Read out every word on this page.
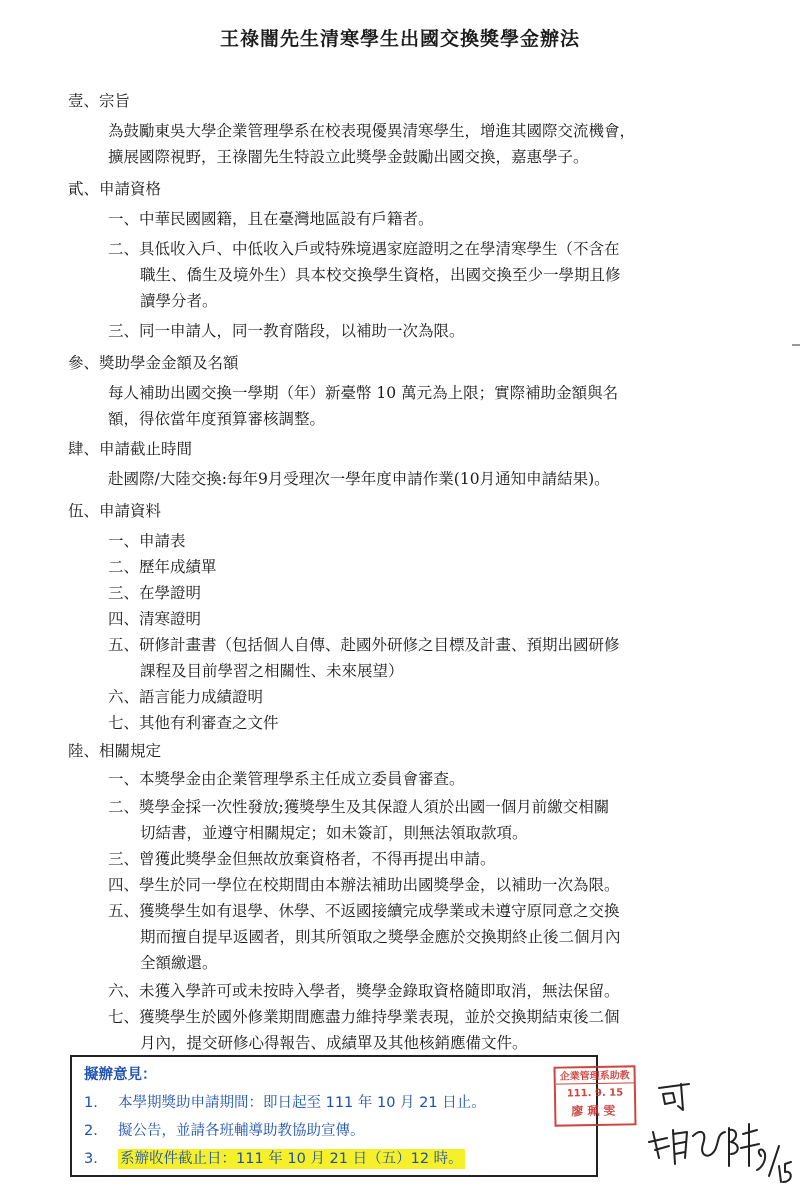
王祿闇先生清寒學生出國交換獎學金辦法
壹、宗旨
為鼓勵東吳大學企業管理學系在校表現優異清寒學生，增進其國際交流機會，
擴展國際視野，王祿闇先生特設立此獎學金鼓勵出國交換，嘉惠學子。
貳、申請資格
一、中華民國國籍，且在臺灣地區設有戶籍者。
二、具低收入戶、中低收入戶或特殊境遇家庭證明之在學清寒學生（不含在
職生、僑生及境外生）具本校交換學生資格，出國交換至少一學期且修
讀學分者。
三、同一申請人，同一教育階段，以補助一次為限。
參、獎助學金金額及名額
每人補助出國交換一學期（年）新臺幣 10 萬元為上限；實際補助金額與名
額，得依當年度預算審核調整。
肆、申請截止時間
赴國際/大陸交換:每年9月受理次一學年度申請作業(10月通知申請結果)。
伍、申請資料
一、申請表
二、歷年成績單
三、在學證明
四、清寒證明
五、研修計畫書（包括個人自傳、赴國外研修之目標及計畫、預期出國研修
課程及目前學習之相關性、未來展望）
六、語言能力成績證明
七、其他有利審查之文件
陸、相關規定
一、本獎學金由企業管理學系主任成立委員會審查。
二、獎學金採一次性發放;獲獎學生及其保證人須於出國一個月前繳交相關
切結書，並遵守相關規定；如未簽訂，則無法領取款項。
三、曾獲此獎學金但無故放棄資格者，不得再提出申請。
四、學生於同一學位在校期間由本辦法補助出國獎學金，以補助一次為限。
五、獲獎學生如有退學、休學、不返國接續完成學業或未遵守原同意之交換
期而擅自提早返國者，則其所領取之獎學金應於交換期終止後二個月內
全額繳還。
六、未獲入學許可或未按時入學者，獎學金錄取資格隨即取消，無法保留。
七、獲獎學生於國外修業期間應盡力維持學業表現，並於交換期結束後二個
月內，提交研修心得報告、成績單及其他核銷應備文件。
擬辦意見：
1. 本學期獎助申請期間：即日起至 111 年 10 月 21 日止。
2. 擬公告，並請各班輔導助教協助宣傳。
3. 系辦收件截止日：111 年 10 月 21 日（五）12 時。
企業管理系助教
111. 9. 15
廖珮雯
